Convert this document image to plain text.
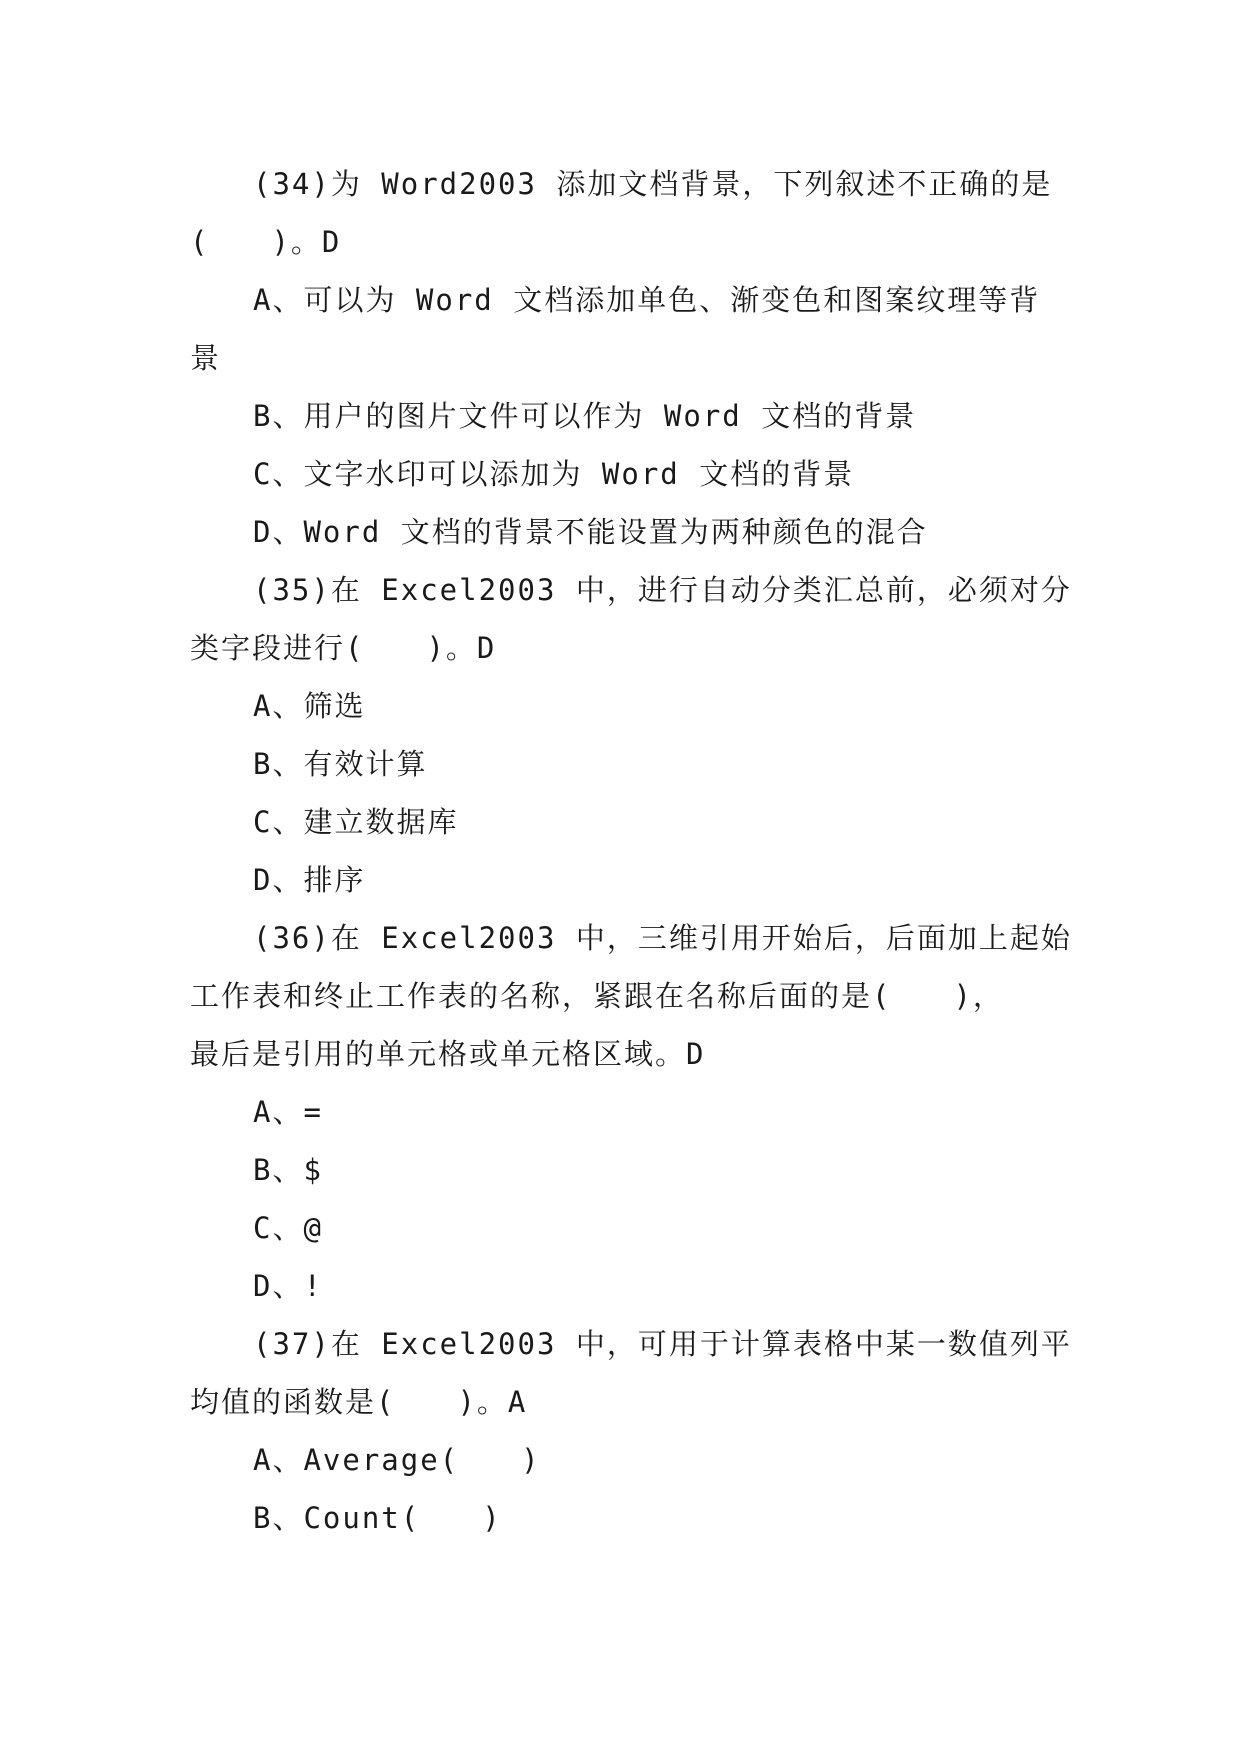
(34)为 Word2003 添加文档背景，下列叙述不正确的是
(　　)。D
A、可以为 Word 文档添加单色、渐变色和图案纹理等背
景
B、用户的图片文件可以作为 Word 文档的背景
C、文字水印可以添加为 Word 文档的背景
D、Word 文档的背景不能设置为两种颜色的混合
(35)在 Excel2003 中，进行自动分类汇总前，必须对分
类字段进行(　　)。D
A、筛选
B、有效计算
C、建立数据库
D、排序
(36)在 Excel2003 中，三维引用开始后，后面加上起始
工作表和终止工作表的名称，紧跟在名称后面的是(　　)，
最后是引用的单元格或单元格区域。D
A、=
B、$
C、@
D、!
(37)在 Excel2003 中，可用于计算表格中某一数值列平
均值的函数是(　　)。A
A、Average(　　)
B、Count(　　)
